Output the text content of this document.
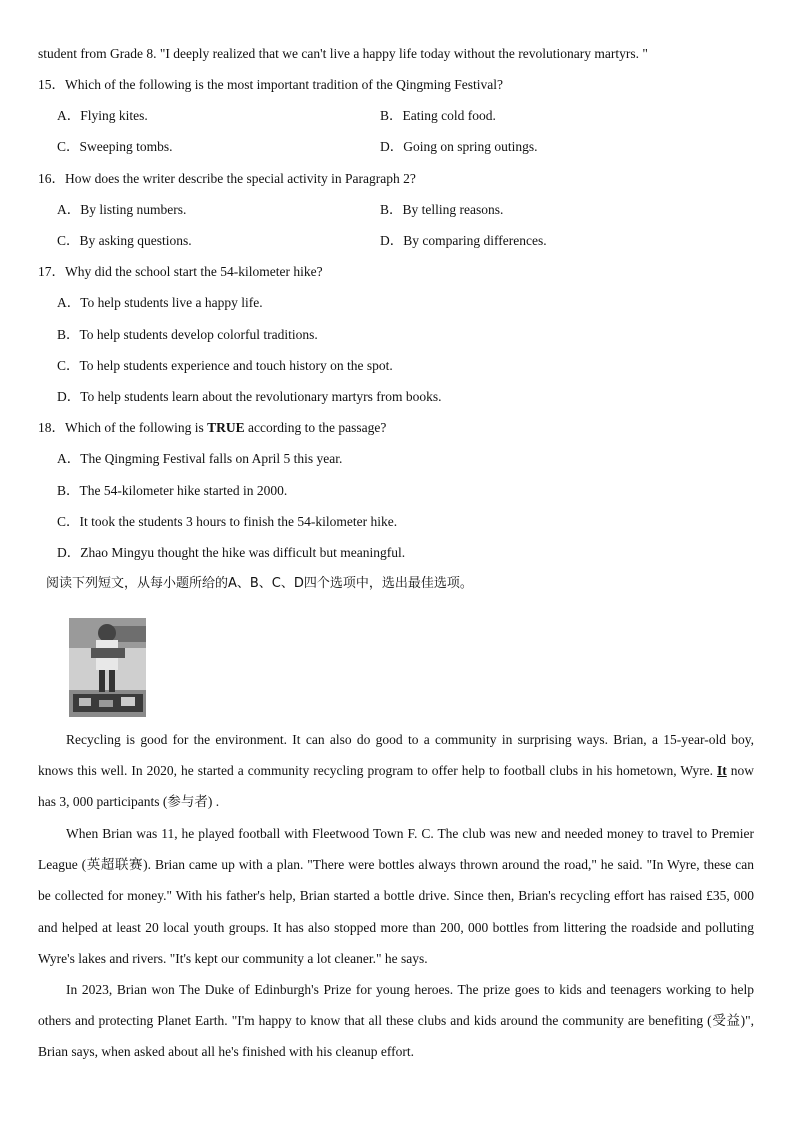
student from Grade 8. "I deeply realized that we can't live a happy life today without the revolutionary martyrs. "
15．Which of the following is the most important tradition of the Qingming Festival?
A．Flying kites.	B．Eating cold food.
C．Sweeping tombs.	D．Going on spring outings.
16．How does the writer describe the special activity in Paragraph 2?
A．By listing numbers.	B．By telling reasons.
C．By asking questions.	D．By comparing differences.
17．Why did the school start the 54-kilometer hike?
A．To help students live a happy life.
B．To help students develop colorful traditions.
C．To help students experience and touch history on the spot.
D．To help students learn about the revolutionary martyrs from books.
18．Which of the following is TRUE according to the passage?
A．The Qingming Festival falls on April 5 this year.
B．The 54-kilometer hike started in 2000.
C．It took the students 3 hours to finish the 54-kilometer hike.
D．Zhao Mingyu thought the hike was difficult but meaningful.
阅读下列短文，从每小题所给的A、B、C、D四个选项中，选出最佳选项。
Recycling is good for the environment. It can also do good to a community in surprising ways. Brian, a 15-year-old boy, knows this well. In 2020, he started a community recycling program to offer help to football clubs in his hometown, Wyre. It now has 3, 000 participants (参与者) .
When Brian was 11, he played football with Fleetwood Town F. C. The club was new and needed money to travel to Premier League (英超联赛). Brian came up with a plan. "There were bottles always thrown around the road," he said. "In Wyre, these can be collected for money." With his father's help, Brian started a bottle drive. Since then, Brian's recycling effort has raised £35, 000 and helped at least 20 local youth groups. It has also stopped more than 200, 000 bottles from littering the roadside and polluting Wyre's lakes and rivers. "It's kept our community a lot cleaner." he says.
In 2023, Brian won The Duke of Edinburgh's Prize for young heroes. The prize goes to kids and teenagers working to help others and protecting Planet Earth. "I'm happy to know that all these clubs and kids around the community are benefiting (受益)", Brian says, when asked about all he's finished with his cleanup effort.
